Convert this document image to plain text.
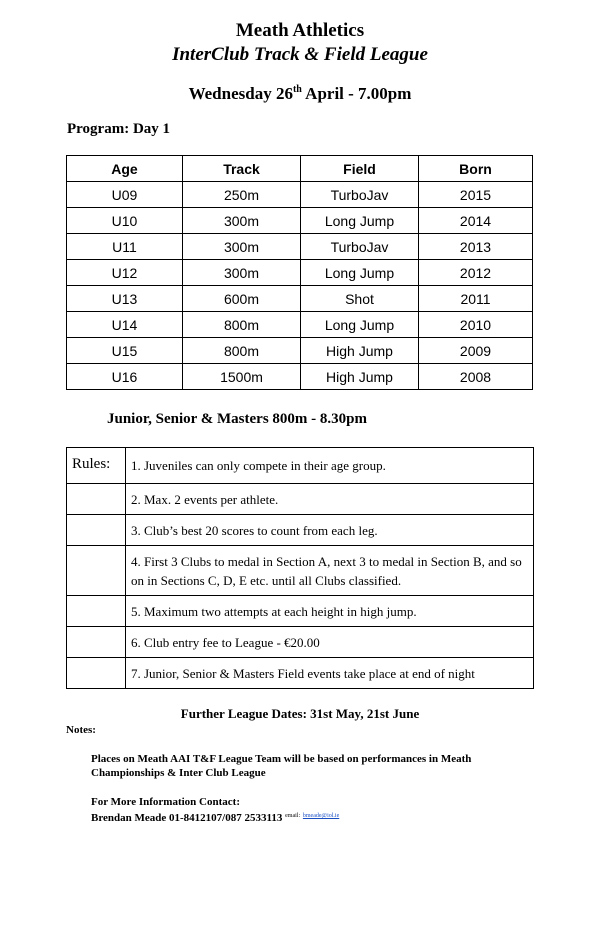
Meath Athletics
InterClub Track & Field League
Wednesday 26th April - 7.00pm
Program: Day 1
Age	Track	Field	Born
U09	250m	TurboJav	2015
U10	300m	Long Jump	2014
U11	300m	TurboJav	2013
U12	300m	Long Jump	2012
U13	600m	Shot	2011
U14	800m	Long Jump	2010
U15	800m	High Jump	2009
U16	1500m	High Jump	2008
Junior, Senior & Masters 800m - 8.30pm
Rules:	1. Juveniles can only compete in their age group.
	2. Max. 2 events per athlete.
	3. Club’s best 20 scores to count from each leg.
	4. First 3 Clubs to medal in Section A, next 3 to medal in Section B, and so on in Sections C, D, E etc. until all Clubs classified.
	5. Maximum two attempts at each height in high jump.
	6. Club entry fee to League - €20.00
	7. Junior, Senior & Masters Field events take place at end of night
Further League Dates: 31st May, 21st June
Notes:
Places on Meath AAI T&F League Team will be based on performances in Meath Championships & Inter Club League
For More Information Contact:
Brendan Meade 01-8412107/087 2533113 $^{email:}$ $^{bmeade@iol.ie}$
